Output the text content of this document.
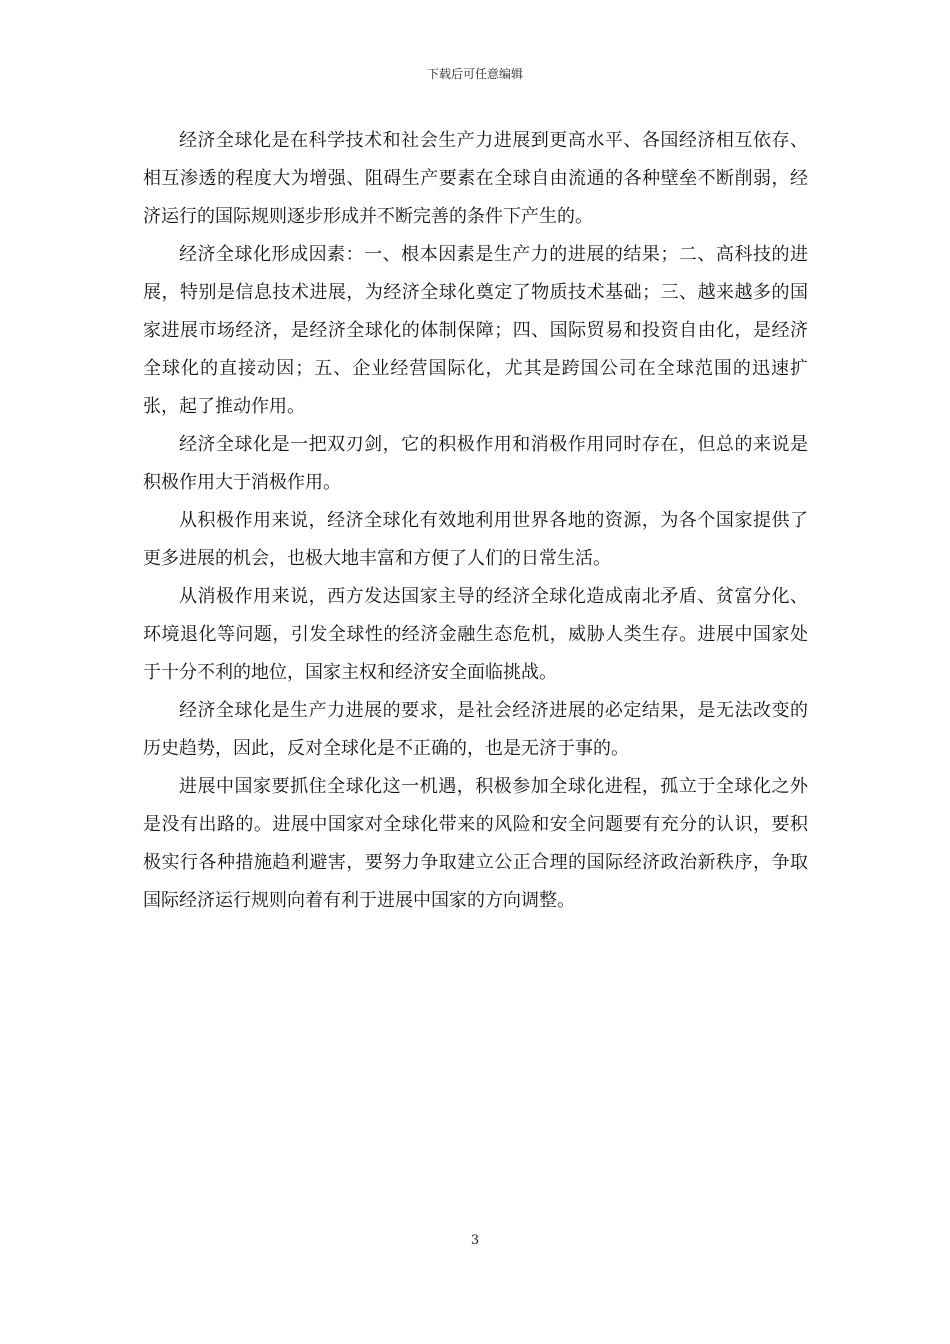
下载后可任意编辑

经济全球化是在科学技术和社会生产力进展到更高水平、各国经济相互依存、相互渗透的程度大为增强、阻碍生产要素在全球自由流通的各种壁垒不断削弱，经济运行的国际规则逐步形成并不断完善的条件下产生的。

经济全球化形成因素：一、根本因素是生产力的进展的结果；二、高科技的进展，特别是信息技术进展，为经济全球化奠定了物质技术基础；三、越来越多的国家进展市场经济，是经济全球化的体制保障；四、国际贸易和投资自由化，是经济全球化的直接动因；五、企业经营国际化，尤其是跨国公司在全球范围的迅速扩张，起了推动作用。

经济全球化是一把双刃剑，它的积极作用和消极作用同时存在，但总的来说是积极作用大于消极作用。

从积极作用来说，经济全球化有效地利用世界各地的资源，为各个国家提供了更多进展的机会，也极大地丰富和方便了人们的日常生活。

从消极作用来说，西方发达国家主导的经济全球化造成南北矛盾、贫富分化、环境退化等问题，引发全球性的经济金融生态危机，威胁人类生存。进展中国家处于十分不利的地位，国家主权和经济安全面临挑战。

经济全球化是生产力进展的要求，是社会经济进展的必定结果，是无法改变的历史趋势，因此，反对全球化是不正确的，也是无济于事的。

进展中国家要抓住全球化这一机遇，积极参加全球化进程，孤立于全球化之外是没有出路的。进展中国家对全球化带来的风险和安全问题要有充分的认识，要积极实行各种措施趋利避害，要努力争取建立公正合理的国际经济政治新秩序，争取国际经济运行规则向着有利于进展中国家的方向调整。

3
